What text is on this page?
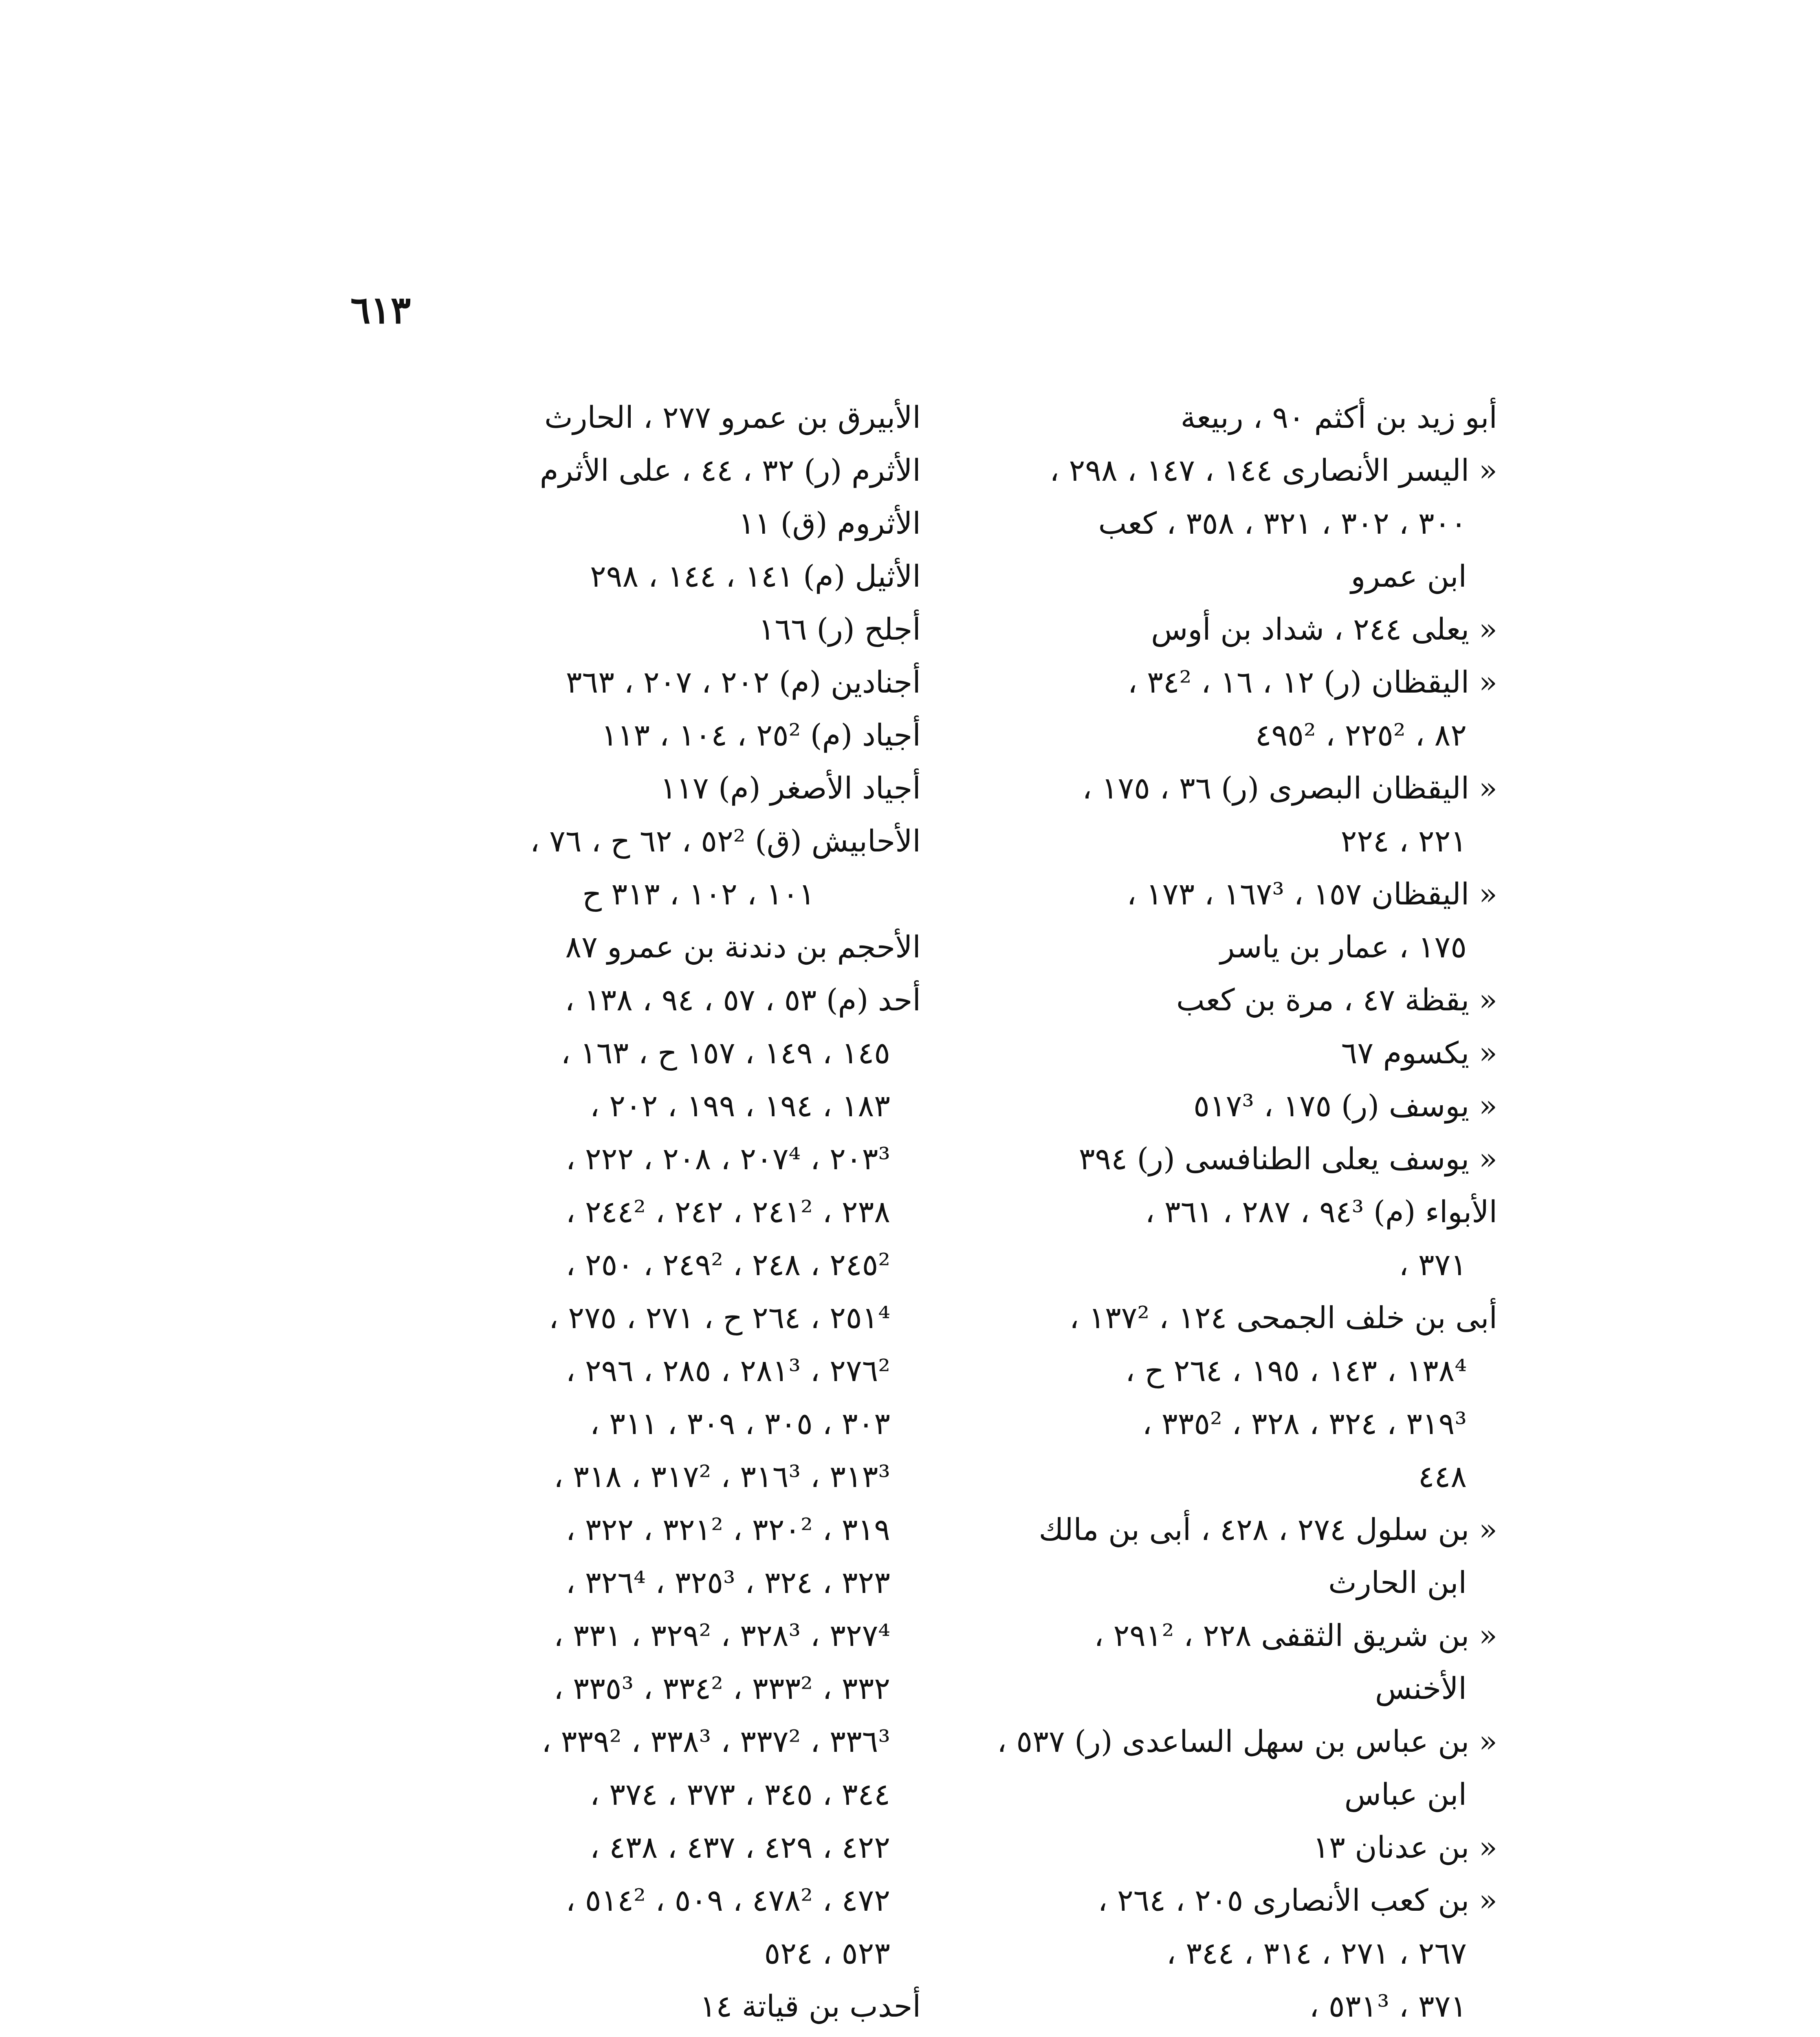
٦١٣
أبو زيد بن أكثم ٩٠ ، ربيعة
« اليسر الأنصارى ١٤٤ ، ١٤٧ ، ٢٩٨ ،
٣٠٠ ، ٣٠٢ ، ٣٢١ ، ٣٥٨ ، كعب
ابن عمرو
« يعلى ٢٤٤ ، شداد بن أوس
« اليقظان (ر) ١٢ ، ١٦ ، ٣٤² ،
٨٢ ، ٢٢٥² ، ٤٩٥²
« اليقظان البصرى (ر) ٣٦ ، ١٧٥ ،
٢٢١ ، ٢٢٤
« اليقظان ١٥٧ ، ١٦٧³ ، ١٧٣ ،
١٧٥ ، عمار بن ياسر
« يقظة ٤٧ ، مرة بن كعب
« يكسوم ٦٧
« يوسف (ر) ١٧٥ ، ٥١٧³
« يوسف يعلى الطنافسى (ر) ٣٩٤
الأبواء (م) ٩٤³ ، ٢٨٧ ، ٣٦١ ،
٣٧١ ،
أبى بن خلف الجمحى ١٢٤ ، ١٣٧² ،
١٣٨⁴ ، ١٤٣ ، ١٩٥ ، ٢٦٤ ح ،
٣١٩³ ، ٣٢٤ ، ٣٢٨ ، ٣٣٥² ،
٤٤٨
« بن سلول ٢٧٤ ، ٤٢٨ ، أبى بن مالك
ابن الحارث
« بن شريق الثقفى ٢٢٨ ، ٢٩١² ،
الأخنس
« بن عباس بن سهل الساعدى (ر) ٥٣٧ ،
ابن عباس
« بن عدنان ١٣
« بن كعب الأنصارى ٢٠٥ ، ٢٦٤ ،
٢٦٧ ، ٢٧١ ، ٣١٤ ، ٣٤٤ ،
٣٧١ ، ٥٣١³ ،
الأبيرق بن عمرو ٢٧٧ ، الحارث
الأثرم (ر) ٣٢ ، ٤٤ ، على الأثرم
الأثروم (ق) ١١
الأثيل (م) ١٤١ ، ١٤٤ ، ٢٩٨
أجلح (ر) ١٦٦
أجنادين (م) ٢٠٢ ، ٢٠٧ ، ٣٦٣
أجياد (م) ٢٥² ، ١٠٤ ، ١١٣
أجياد الأصغر (م) ١١٧
الأحابيش (ق) ٥٢² ، ٦٢ ح ، ٧٦ ،
١٠١ ، ١٠٢ ، ٣١٣ ح
الأحجم بن دندنة بن عمرو ٨٧
أحد (م) ٥٣ ، ٥٧ ، ٩٤ ، ١٣٨ ،
١٤٥ ، ١٤٩ ، ١٥٧ ح ، ١٦٣ ،
١٨٣ ، ١٩٤ ، ١٩٩ ، ٢٠٢ ،
٢٠٣³ ، ٢٠٧⁴ ، ٢٠٨ ، ٢٢٢ ،
٢٣٨ ، ٢٤١² ، ٢٤٢ ، ٢٤٤² ،
٢٤٥² ، ٢٤٨ ، ٢٤٩² ، ٢٥٠ ،
٢٥١⁴ ، ٢٦٤ ح ، ٢٧١ ، ٢٧٥ ،
٢٧٦² ، ٢٨١³ ، ٢٨٥ ، ٢٩٦ ،
٣٠٣ ، ٣٠٥ ، ٣٠٩ ، ٣١١ ،
٣١٣³ ، ٣١٦³ ، ٣١٧² ، ٣١٨ ،
٣١٩ ، ٣٢٠² ، ٣٢١² ، ٣٢٢ ،
٣٢٣ ، ٣٢٤ ، ٣٢٥³ ، ٣٢٦⁴ ،
٣٢٧⁴ ، ٣٢٨³ ، ٣٢٩² ، ٣٣١ ،
٣٣٢ ، ٣٣٣² ، ٣٣٤² ، ٣٣٥³ ،
٣٣٦³ ، ٣٣٧² ، ٣٣٨³ ، ٣٣٩² ،
٣٤٤ ، ٣٤٥ ، ٣٧٣ ، ٣٧٤ ،
٤٢٢ ، ٤٢٩ ، ٤٣٧ ، ٤٣٨ ،
٤٧٢ ، ٤٧٨² ، ٥٠٩ ، ٥١٤² ،
٥٢٣ ، ٥٢٤
أحدب بن قياتة ١٤
